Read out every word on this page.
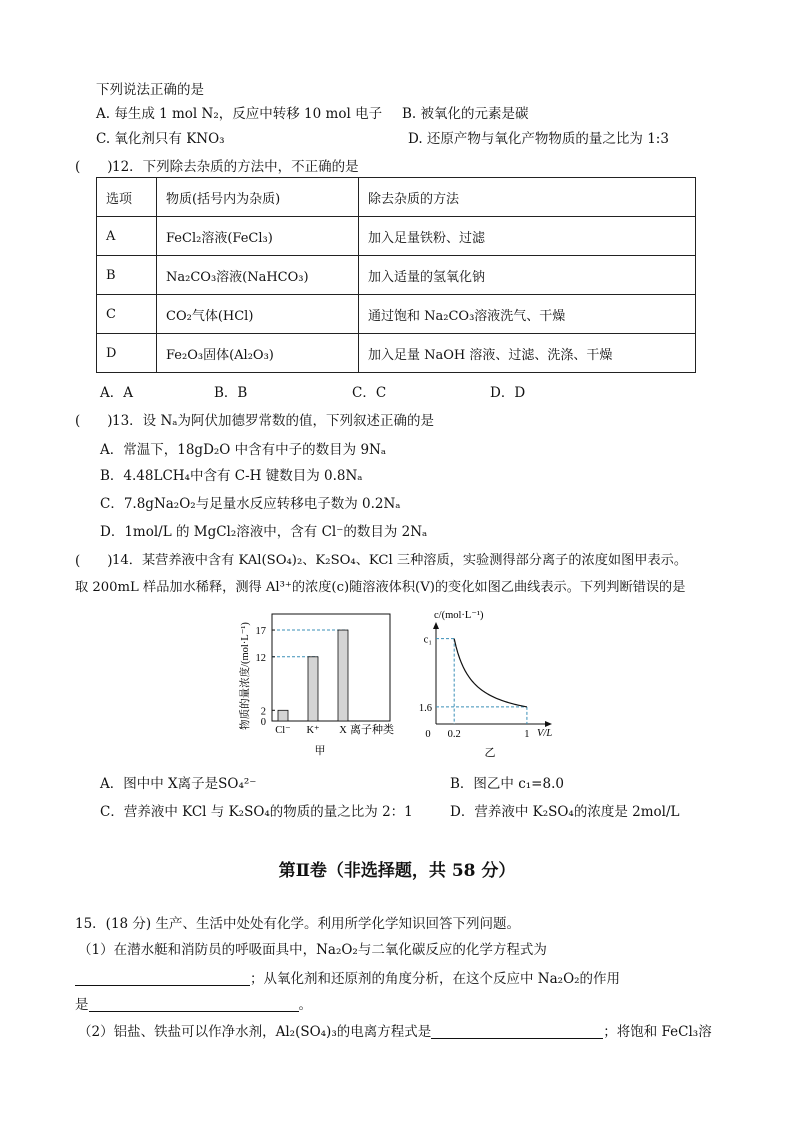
下列说法正确的是
A. 每生成 1 mol N₂，反应中转移 10 mol 电子 B. 被氧化的元素是碳
C. 氧化剂只有 KNO₃	D. 还原产物与氧化产物物质的量之比为 1:3
(　　) 12．下列除去杂质的方法中，不正确的是
选项	物质(括号内为杂质)	除去杂质的方法
A	FeCl₂溶液(FeCl₃)	加入足量铁粉、过滤
B	Na₂CO₃溶液(NaHCO₃)	加入适量的氢氧化钠
C	CO₂气体(HCl)	通过饱和 Na₂CO₃溶液洗气、干燥
D	Fe₂O₃固体(Al₂O₃)	加入足量 NaOH 溶液、过滤、洗涤、干燥
A．A	B．B	C．C	D．D
(　　) 13．设 Nₐ为阿伏加德罗常数的值，下列叙述正确的是
A．常温下，18gD₂O 中含有中子的数目为 9Nₐ
B．4.48LCH₄中含有 C-H 键数目为 0.8Nₐ
C．7.8gNa₂O₂与足量水反应转移电子数为 0.2Nₐ
D．1mol/L 的 MgCl₂溶液中，含有 Cl⁻的数目为 2Nₐ
(　　) 14．某营养液中含有 KAl(SO₄)₂、K₂SO₄、KCl 三种溶质，实验测得部分离子的浓度如图甲表示。
取 200mL 样品加水稀释，测得 Al³⁺的浓度(c)随溶液体积(V)的变化如图乙曲线表示。下列判断错误的是
物质的量浓度/(mol·L⁻¹) 0
2
12
17
Cl⁻ K⁺ X 离子种类
甲
c/(mol·L⁻¹)
0 0.2	1
1.6
c₁
V/L
乙
A．图中中 X离子是SO₄²⁻	B．图乙中 c₁=8.0
C．营养液中 KCl 与 K₂SO₄的物质的量之比为 2：1	D．营养液中 K₂SO₄的浓度是 2mol/L
第Ⅱ卷（非选择题，共 58 分）
15．(18 分) 生产、生活中处处有化学。利用所学化学知识回答下列问题。
（1）在潜水艇和消防员的呼吸面具中，Na₂O₂与二氧化碳反应的化学方程式为
；从氧化剂和还原剂的角度分析，在这个反应中 Na₂O₂的作用
是	。
（2）铝盐、铁盐可以作净水剂，Al₂(SO₄)₃的电离方程式是	；将饱和 FeCl₃溶
